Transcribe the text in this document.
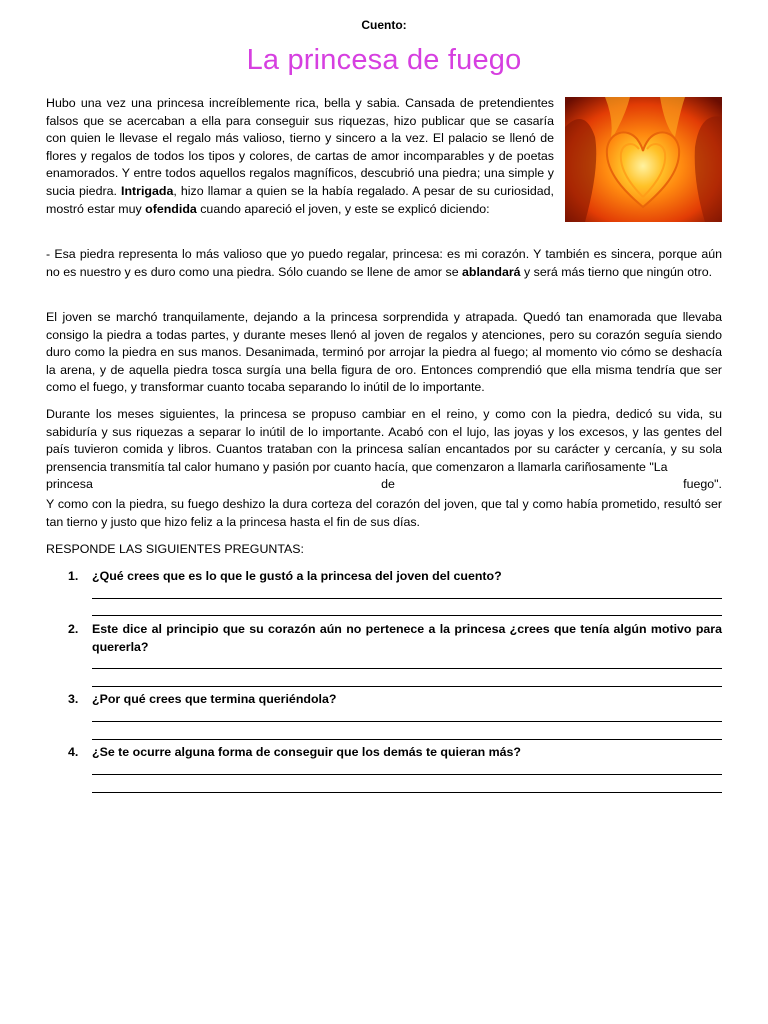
Cuento:
La princesa de fuego
Hubo una vez una princesa increíblemente rica, bella y sabia. Cansada de pretendientes falsos que se acercaban a ella para conseguir sus riquezas, hizo publicar que se casaría con quien le llevase el regalo más valioso, tierno y sincero a la vez. El palacio se llenó de flores y regalos de todos los tipos y colores, de cartas de amor incomparables y de poetas enamorados. Y entre todos aquellos regalos magníficos, descubrió una piedra; una simple y sucia piedra. Intrigada, hizo llamar a quien se la había regalado. A pesar de su curiosidad, mostró estar muy ofendida cuando apareció el joven, y este se explicó diciendo:
- Esa piedra representa lo más valioso que yo puedo regalar, princesa: es mi corazón. Y también es sincera, porque aún no es nuestro y es duro como una piedra. Sólo cuando se llene de amor se ablandará y será más tierno que ningún otro.
El joven se marchó tranquilamente, dejando a la princesa sorprendida y atrapada. Quedó tan enamorada que llevaba consigo la piedra a todas partes, y durante meses llenó al joven de regalos y atenciones, pero su corazón seguía siendo duro como la piedra en sus manos. Desanimada, terminó por arrojar la piedra al fuego; al momento vio cómo se deshacía la arena, y de aquella piedra tosca surgía una bella figura de oro. Entonces comprendió que ella misma tendría que ser como el fuego, y transformar cuanto tocaba separando lo inútil de lo importante.
Durante los meses siguientes, la princesa se propuso cambiar en el reino, y como con la piedra, dedicó su vida, su sabiduría y sus riquezas a separar lo inútil de lo importante. Acabó con el lujo, las joyas y los excesos, y las gentes del país tuvieron comida y libros. Cuantos trataban con la princesa salían encantados por su carácter y cercanía, y su sola prensencia transmitía tal calor humano y pasión por cuanto hacía, que comenzaron a llamarla cariñosamente "La
princesa	de	fuego".
Y como con la piedra, su fuego deshizo la dura corteza del corazón del joven, que tal y como había prometido, resultó ser tan tierno y justo que hizo feliz a la princesa hasta el fin de sus días.
RESPONDE LAS SIGUIENTES PREGUNTAS:
1. ¿Qué crees que es lo que le gustó a la princesa del joven del cuento?
2. Este dice al principio que su corazón aún no pertenece a la princesa ¿crees que tenía algún motivo para quererla?
3. ¿Por qué crees que termina queriéndola?
4. ¿Se te ocurre alguna forma de conseguir que los demás te quieran más?
